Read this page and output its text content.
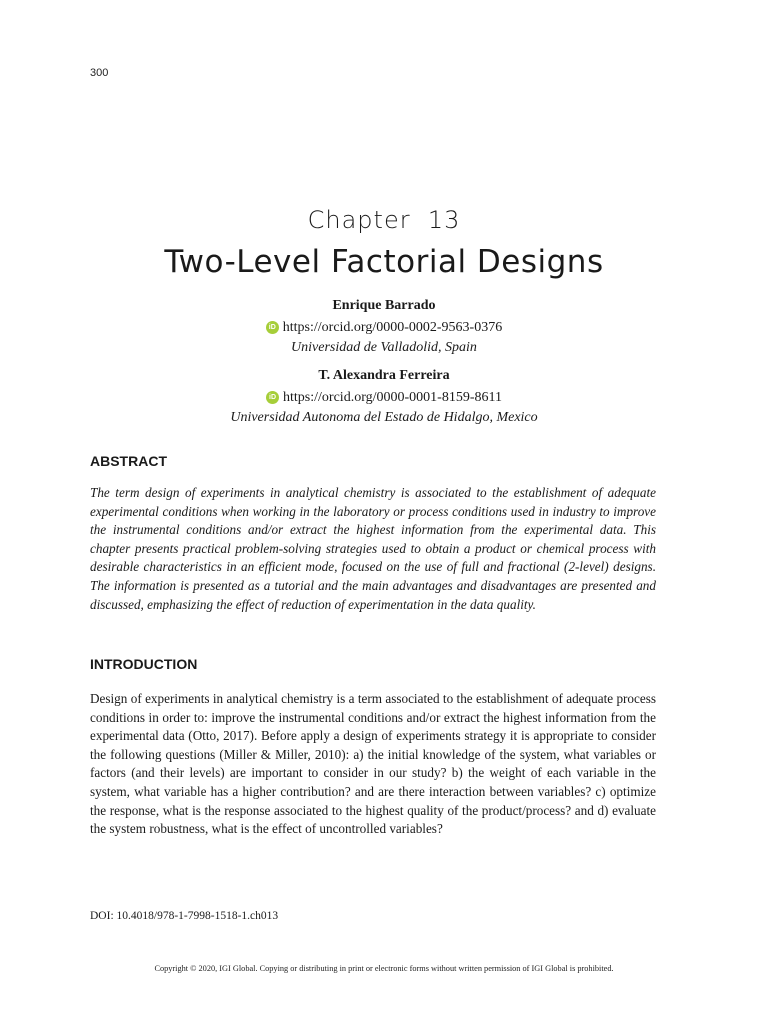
300
Chapter  13
Two-Level Factorial Designs
Enrique Barrado
iD https://orcid.org/0000-0002-9563-0376
Universidad de Valladolid, Spain
T. Alexandra Ferreira
iD https://orcid.org/0000-0001-8159-8611
Universidad Autonoma del Estado de Hidalgo, Mexico
ABSTRACT

The term design of experiments in analytical chemistry is associated to the establishment of adequate experimental conditions when working in the laboratory or process conditions used in industry to improve the instrumental conditions and/or extract the highest information from the experimental data. This chapter presents practical problem-solving strategies used to obtain a product or chemical process with desirable characteristics in an efficient mode, focused on the use of full and fractional (2-level) designs. The information is presented as a tutorial and the main advantages and disadvantages are presented and discussed, emphasizing the effect of reduction of experimentation in the data quality.

INTRODUCTION

Design of experiments in analytical chemistry is a term associated to the establishment of adequate process conditions in order to: improve the instrumental conditions and/or extract the highest information from the experimental data (Otto, 2017). Before apply a design of experiments strategy it is appropriate to consider the following questions (Miller & Miller, 2010): a) the initial knowledge of the system, what variables or factors (and their levels) are important to consider in our study? b) the weight of each variable in the system, what variable has a higher contribution? and are there interaction between variables? c) optimize the response, what is the response associated to the highest quality of the product/process? and d) evaluate the system robustness, what is the effect of uncontrolled variables?

DOI: 10.4018/978-1-7998-1518-1.ch013
Copyright © 2020, IGI Global. Copying or distributing in print or electronic forms without written permission of IGI Global is prohibited.
